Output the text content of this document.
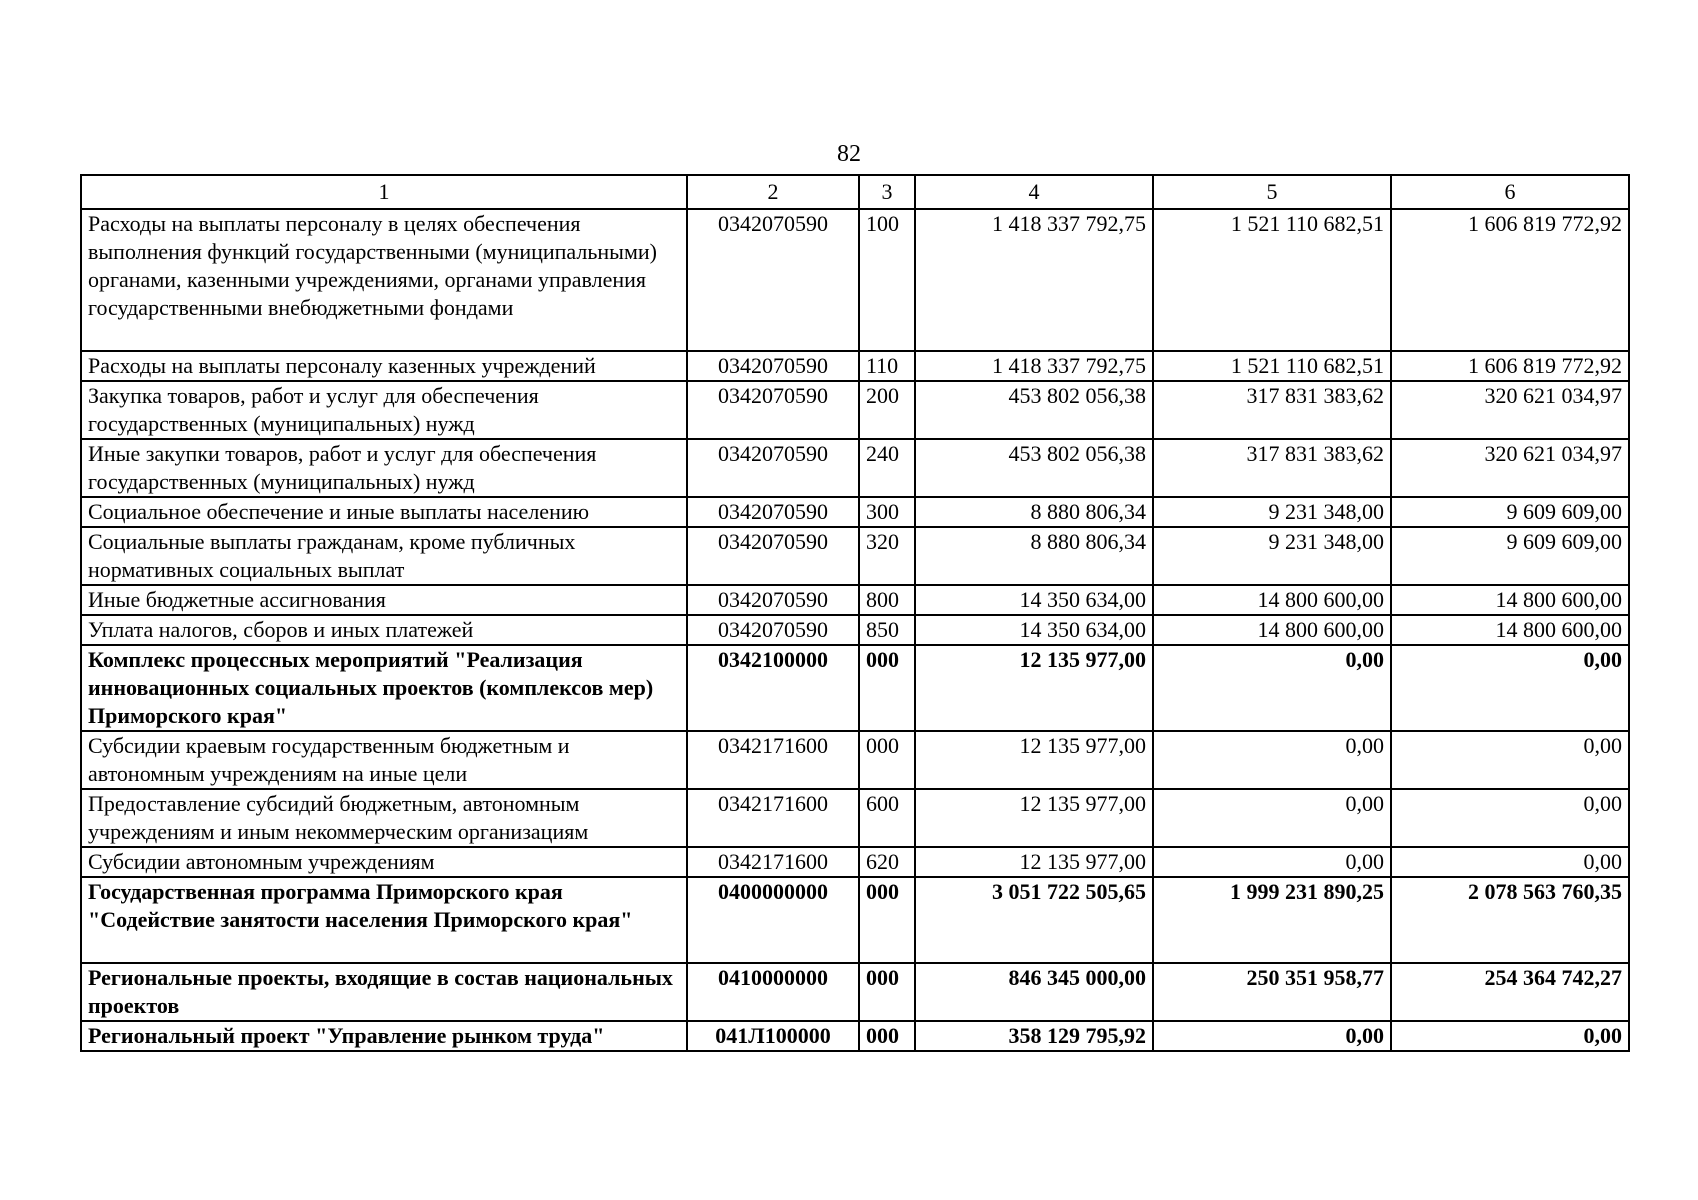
82
1	2	3	4	5	6
Расходы на выплаты персоналу в целях обеспечения выполнения функций государственными (муниципальными) органами, казенными учреждениями, органами управления государственными внебюджетными фондами	0342070590	100	1 418 337 792,75	1 521 110 682,51	1 606 819 772,92
Расходы на выплаты персоналу казенных учреждений	0342070590	110	1 418 337 792,75	1 521 110 682,51	1 606 819 772,92
Закупка товаров, работ и услуг для обеспечения государственных (муниципальных) нужд	0342070590	200	453 802 056,38	317 831 383,62	320 621 034,97
Иные закупки товаров, работ и услуг для обеспечения государственных (муниципальных) нужд	0342070590	240	453 802 056,38	317 831 383,62	320 621 034,97
Социальное обеспечение и иные выплаты населению	0342070590	300	8 880 806,34	9 231 348,00	9 609 609,00
Социальные выплаты гражданам, кроме публичных нормативных социальных выплат	0342070590	320	8 880 806,34	9 231 348,00	9 609 609,00
Иные бюджетные ассигнования	0342070590	800	14 350 634,00	14 800 600,00	14 800 600,00
Уплата налогов, сборов и иных платежей	0342070590	850	14 350 634,00	14 800 600,00	14 800 600,00
Комплекс процессных мероприятий "Реализация инновационных социальных проектов (комплексов мер) Приморского края"	0342100000	000	12 135 977,00	0,00	0,00
Субсидии краевым государственным бюджетным и автономным учреждениям на иные цели	0342171600	000	12 135 977,00	0,00	0,00
Предоставление субсидий бюджетным, автономным учреждениям и иным некоммерческим организациям	0342171600	600	12 135 977,00	0,00	0,00
Субсидии автономным учреждениям	0342171600	620	12 135 977,00	0,00	0,00
Государственная программа Приморского края "Содействие занятости населения Приморского края"	0400000000	000	3 051 722 505,65	1 999 231 890,25	2 078 563 760,35
Региональные проекты, входящие в состав национальных проектов	0410000000	000	846 345 000,00	250 351 958,77	254 364 742,27
Региональный проект "Управление рынком труда"	041Л100000	000	358 129 795,92	0,00	0,00
